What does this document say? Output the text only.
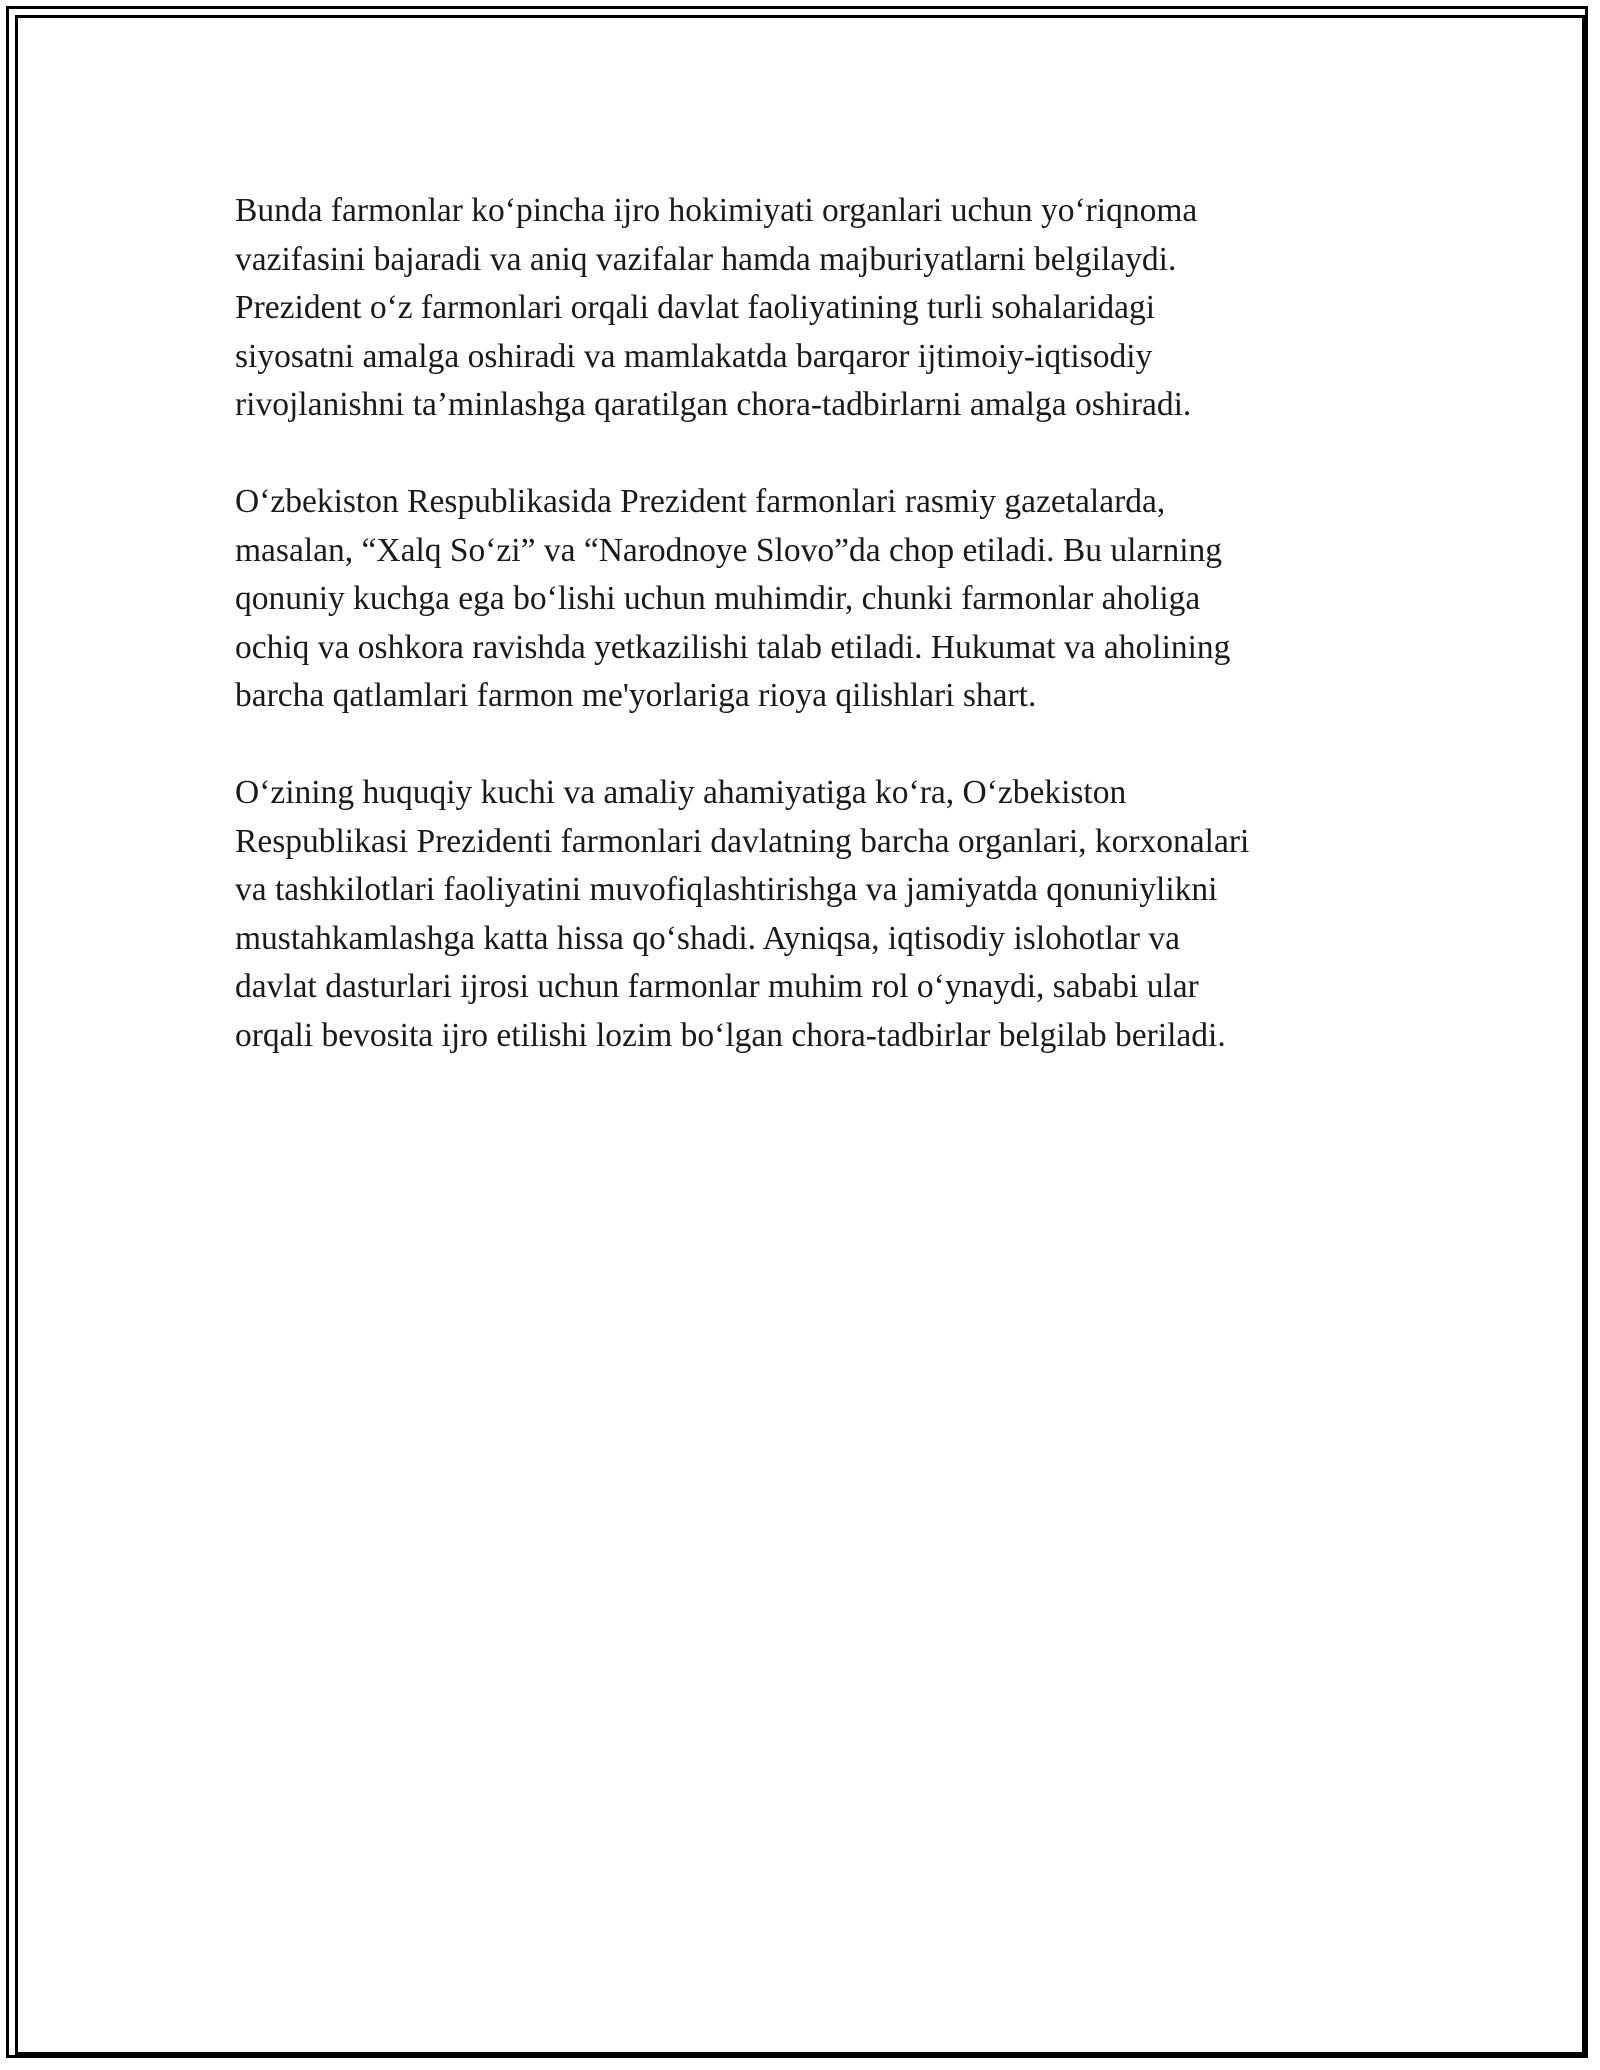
Bunda farmonlar ko‘pincha ijro hokimiyati organlari uchun yo‘riqnoma
vazifasini bajaradi va aniq vazifalar hamda majburiyatlarni belgilaydi.
Prezident o‘z farmonlari orqali davlat faoliyatining turli sohalaridagi
siyosatni amalga oshiradi va mamlakatda barqaror ijtimoiy-iqtisodiy
rivojlanishni ta’minlashga qaratilgan chora-tadbirlarni amalga oshiradi.

O‘zbekiston Respublikasida Prezident farmonlari rasmiy gazetalarda,
masalan, “Xalq So‘zi” va “Narodnoye Slovo”da chop etiladi. Bu ularning
qonuniy kuchga ega bo‘lishi uchun muhimdir, chunki farmonlar aholiga
ochiq va oshkora ravishda yetkazilishi talab etiladi. Hukumat va aholining
barcha qatlamlari farmon me'yorlariga rioya qilishlari shart.

O‘zining huquqiy kuchi va amaliy ahamiyatiga ko‘ra, O‘zbekiston
Respublikasi Prezidenti farmonlari davlatning barcha organlari, korxonalari
va tashkilotlari faoliyatini muvofiqlashtirishga va jamiyatda qonuniylikni
mustahkamlashga katta hissa qo‘shadi. Ayniqsa, iqtisodiy islohotlar va
davlat dasturlari ijrosi uchun farmonlar muhim rol o‘ynaydi, sababi ular
orqali bevosita ijro etilishi lozim bo‘lgan chora-tadbirlar belgilab beriladi.
